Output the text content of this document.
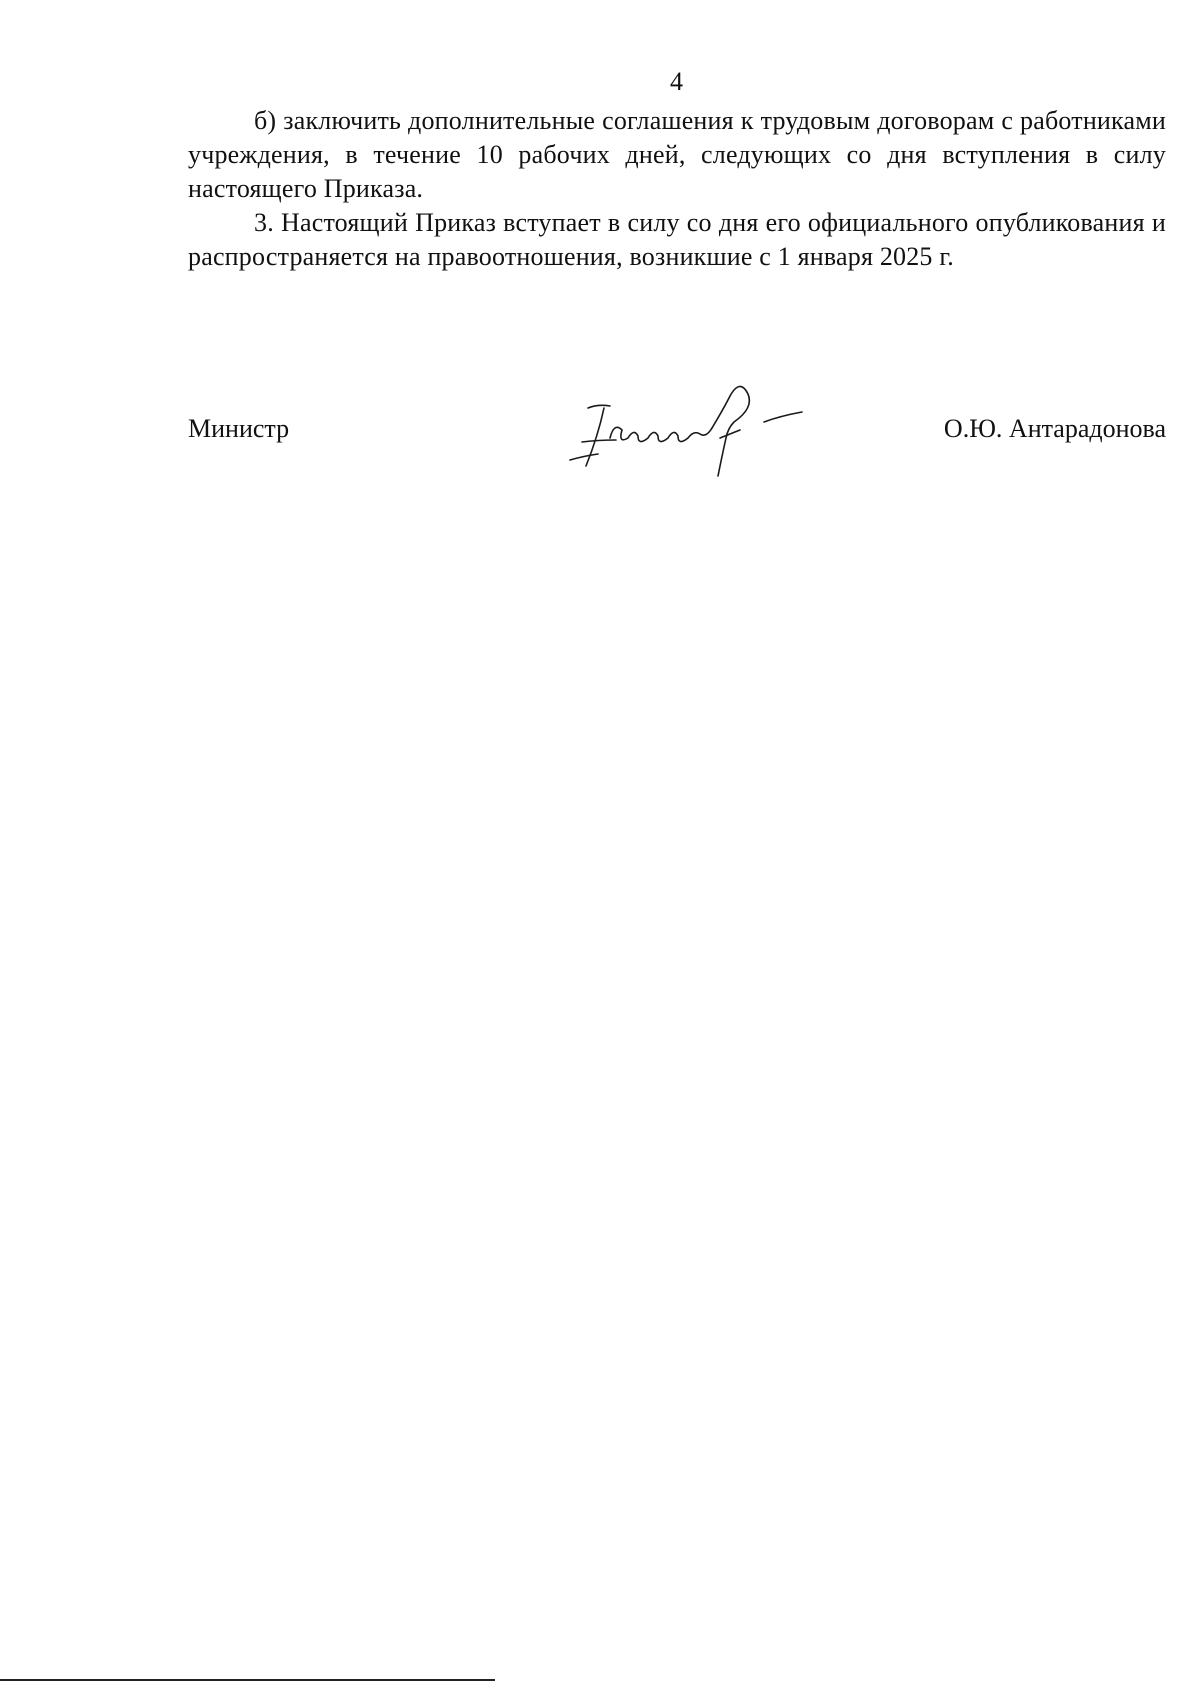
4

б) заключить дополнительные соглашения к трудовым договорам с работниками учреждения, в течение 10 рабочих дней, следующих со дня вступления в силу настоящего Приказа.

3. Настоящий Приказ вступает в силу со дня его официального опубликования и распространяется на правоотношения, возникшие с 1 января 2025 г.

Министр	О.Ю. Антарадонова
